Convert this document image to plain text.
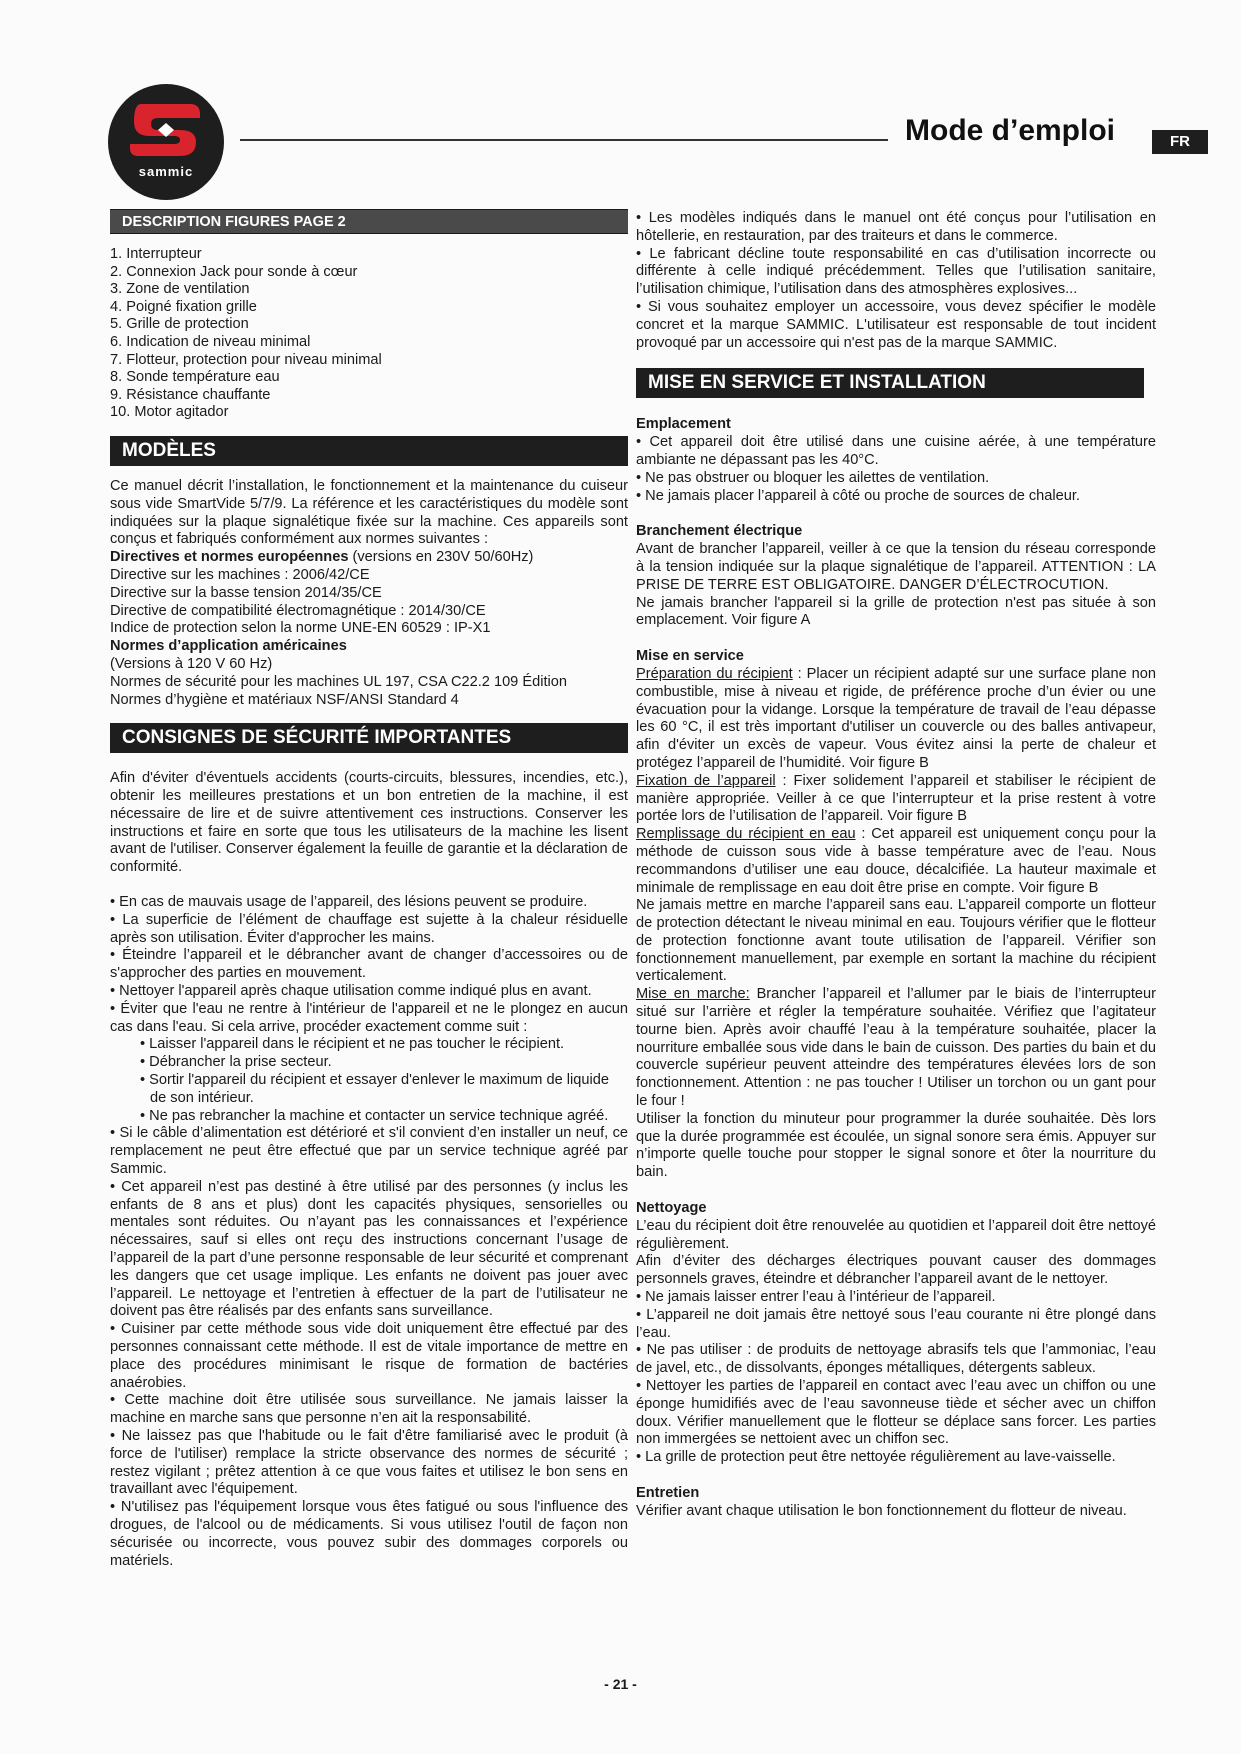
sammic
Mode d’emploi	FR
DESCRIPTION FIGURES PAGE 2
1. Interrupteur
2. Connexion Jack pour sonde à cœur
3. Zone de ventilation
4. Poigné fixation grille
5. Grille de protection
6. Indication de niveau minimal
7. Flotteur, protection pour niveau minimal
8. Sonde température eau
9. Résistance chauffante
10. Motor agitador
MODÈLES

Ce manuel décrit l’installation, le fonctionnement et la maintenance du cuiseur sous vide SmartVide 5/7/9. La référence et les caractéristiques du modèle sont indiquées sur la plaque signalétique fixée sur la machine. Ces appareils sont conçus et fabriqués conformément aux normes suivantes :

Directives et normes européennes (versions en 230V 50/60Hz)
Directive sur les machines : 2006/42/CE
Directive sur la basse tension 2014/35/CE
Directive de compatibilité électromagnétique : 2014/30/CE
Indice de protection selon la norme UNE-EN 60529 : IP-X1
Normes d’application américaines
(Versions à 120 V 60 Hz)
Normes de sécurité pour les machines UL 197, CSA C22.2 109 Édition
Normes d’hygiène et matériaux NSF/ANSI Standard 4
CONSIGNES DE SÉCURITÉ IMPORTANTES

Afin d'éviter d'éventuels accidents (courts-circuits, blessures, incendies, etc.), obtenir les meilleures prestations et un bon entretien de la machine, il est nécessaire de lire et de suivre attentivement ces instructions. Conserver les instructions et faire en sorte que tous les utilisateurs de la machine les lisent avant de l'utiliser. Conserver également la feuille de garantie et la déclaration de conformité.

• En cas de mauvais usage de l’appareil, des lésions peuvent se produire.

• La superficie de l’élément de chauffage est sujette à la chaleur résiduelle après son utilisation. Éviter d'approcher les mains.

• Éteindre l’appareil et le débrancher avant de changer d’accessoires ou de s'approcher des parties en mouvement.

• Nettoyer l'appareil après chaque utilisation comme indiqué plus en avant.

• Éviter que l'eau ne rentre à l'intérieur de l'appareil et ne le plongez en aucun cas dans l'eau. Si cela arrive, procéder exactement comme suit :

• Laisser l'appareil dans le récipient et ne pas toucher le récipient.

• Débrancher la prise secteur.

• Sortir l'appareil du récipient et essayer d'enlever le maximum de liquide de son intérieur.

• Ne pas rebrancher la machine et contacter un service technique agréé.

• Si le câble d’alimentation est détérioré et s'il convient d’en installer un neuf, ce remplacement ne peut être effectué que par un service technique agréé par Sammic.

• Cet appareil n’est pas destiné à être utilisé par des personnes (y inclus les enfants de 8 ans et plus) dont les capacités physiques, sensorielles ou mentales sont réduites. Ou n’ayant pas les connaissances et l’expérience nécessaires, sauf si elles ont reçu des instructions concernant l’usage de l’appareil de la part d’une personne responsable de leur sécurité et comprenant les dangers que cet usage implique. Les enfants ne doivent pas jouer avec l’appareil. Le nettoyage et l’entretien à effectuer de la part de l’utilisateur ne doivent pas être réalisés par des enfants sans surveillance.

• Cuisiner par cette méthode sous vide doit uniquement être effectué par des personnes connaissant cette méthode. Il est de vitale importance de mettre en place des procédures minimisant le risque de formation de bactéries anaérobies.

• Cette machine doit être utilisée sous surveillance. Ne jamais laisser la machine en marche sans que personne n’en ait la responsabilité.

• Ne laissez pas que l'habitude ou le fait d'être familiarisé avec le produit (à force de l'utiliser) remplace la stricte observance des normes de sécurité ; restez vigilant ; prêtez attention à ce que vous faites et utilisez le bon sens en travaillant avec l'équipement.

• N'utilisez pas l'équipement lorsque vous êtes fatigué ou sous l'influence des drogues, de l'alcool ou de médicaments. Si vous utilisez l'outil de façon non sécurisée ou incorrecte, vous pouvez subir des dommages corporels ou matériels.

• Les modèles indiqués dans le manuel ont été conçus pour l’utilisation en hôtellerie, en restauration, par des traiteurs et dans le commerce.

• Le fabricant décline toute responsabilité en cas d’utilisation incorrecte ou différente à celle indiqué précédemment. Telles que l’utilisation sanitaire, l’utilisation chimique, l’utilisation dans des atmosphères explosives...

• Si vous souhaitez employer un accessoire, vous devez spécifier le modèle concret et la marque SAMMIC. L'utilisateur est responsable de tout incident provoqué par un accessoire qui n'est pas de la marque SAMMIC.

MISE EN SERVICE ET INSTALLATION
Emplacement

• Cet appareil doit être utilisé dans une cuisine aérée, à une température ambiante ne dépassant pas les 40°C.

• Ne pas obstruer ou bloquer les ailettes de ventilation.

• Ne jamais placer l’appareil à côté ou proche de sources de chaleur.

Branchement électrique

Avant de brancher l’appareil, veiller à ce que la tension du réseau corresponde à la tension indiquée sur la plaque signalétique de l’appareil. ATTENTION : LA PRISE DE TERRE EST OBLIGATOIRE. DANGER D’ÉLECTROCUTION.

Ne jamais brancher l'appareil si la grille de protection n'est pas située à son emplacement. Voir figure A

Mise en service

Préparation du récipient : Placer un récipient adapté sur une surface plane non combustible, mise à niveau et rigide, de préférence proche d’un évier ou une évacuation pour la vidange. Lorsque la température de travail de l’eau dépasse les 60 °C, il est très important d'utiliser un couvercle ou des balles antivapeur, afin d'éviter un excès de vapeur. Vous évitez ainsi la perte de chaleur et protégez l’appareil de l’humidité. Voir figure B

Fixation de l’appareil : Fixer solidement l’appareil et stabiliser le récipient de manière appropriée. Veiller à ce que l’interrupteur et la prise restent à votre portée lors de l’utilisation de l’appareil. Voir figure B

Remplissage du récipient en eau : Cet appareil est uniquement conçu pour la méthode de cuisson sous vide à basse température avec de l’eau. Nous recommandons d’utiliser une eau douce, décalcifiée. La hauteur maximale et minimale de remplissage en eau doit être prise en compte. Voir figure B

Ne jamais mettre en marche l’appareil sans eau. L’appareil comporte un flotteur de protection détectant le niveau minimal en eau. Toujours vérifier que le flotteur de protection fonctionne avant toute utilisation de l’appareil. Vérifier son fonctionnement manuellement, par exemple en sortant la machine du récipient verticalement.

Mise en marche: Brancher l’appareil et l’allumer par le biais de l’interrupteur situé sur l’arrière et régler la température souhaitée. Vérifiez que l’agitateur tourne bien. Après avoir chauffé l’eau à la température souhaitée, placer la nourriture emballée sous vide dans le bain de cuisson. Des parties du bain et du couvercle supérieur peuvent atteindre des températures élevées lors de son fonctionnement. Attention : ne pas toucher ! Utiliser un torchon ou un gant pour le four !

Utiliser la fonction du minuteur pour programmer la durée souhaitée. Dès lors que la durée programmée est écoulée, un signal sonore sera émis. Appuyer sur n’importe quelle touche pour stopper le signal sonore et ôter la nourriture du bain.

Nettoyage

L’eau du récipient doit être renouvelée au quotidien et l’appareil doit être nettoyé régulièrement.

Afin d’éviter des décharges électriques pouvant causer des dommages personnels graves, éteindre et débrancher l’appareil avant de le nettoyer.

• Ne jamais laisser entrer l’eau à l’intérieur de l’appareil.

• L’appareil ne doit jamais être nettoyé sous l’eau courante ni être plongé dans l’eau.

• Ne pas utiliser : de produits de nettoyage abrasifs tels que l’ammoniac, l’eau de javel, etc., de dissolvants, éponges métalliques, détergents sableux.

• Nettoyer les parties de l’appareil en contact avec l’eau avec un chiffon ou une éponge humidifiés avec de l’eau savonneuse tiède et sécher avec un chiffon doux. Vérifier manuellement que le flotteur se déplace sans forcer. Les parties non immergées se nettoient avec un chiffon sec.

• La grille de protection peut être nettoyée régulièrement au lave-vaisselle.

Entretien

Vérifier avant chaque utilisation le bon fonctionnement du flotteur de niveau.

- 21 -
